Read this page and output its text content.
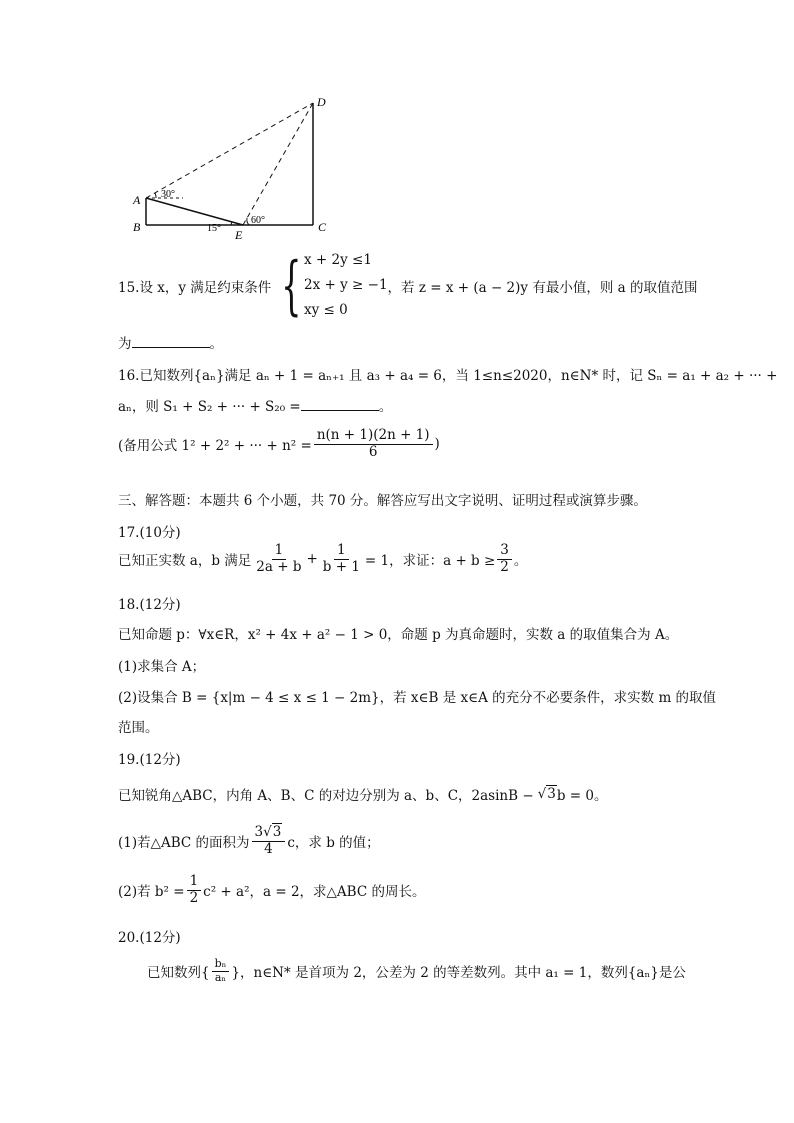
D
A
B	C
E
30°
15°
60°
15.设 x，y 满足约束条件 { x + 2y ≤1
2x + y ≥ −1
xy ≤ 0
，若 z = x + (a − 2)y 有最小值，则 a 的取值范围
为	。
16.已知数列{aₙ}满足 aₙ + 1 = aₙ₊₁ 且 a₃ + a₄ = 6，当 1≤n≤2020，n∈N* 时，记 Sₙ = a₁ + a₂ + ··· +
aₙ，则 S₁ + S₂ + ··· + S₂₀ =	。
(备用公式 1² + 2² + ··· + $n^2 = \frac{n(n + 1)(2n + 1)}{6}$ )
三、解答题：本题共 6 个小题，共 70 分。解答应写出文字说明、证明过程或演算步骤。
17.(10分)
已知正实数 a，b 满足 $\frac{1}{2a + b} + \frac{1}{b + 1} = 1$，求证：$a + b \ge \frac{3}{2}$ 。
18.(12分)
已知命题 p：∀x∈R，x² + 4x + a² − 1 > 0，命题 p 为真命题时，实数 a 的取值集合为 A。
(1)求集合 A；
(2)设集合 B = {x|m − 4 ≤ x ≤ 1 − 2m}，若 x∈B 是 x∈A 的充分不必要条件，求实数 m 的取值
范围。
19.(12分)
已知锐角△ABC，内角 A、B、C 的对边分别为 a、b、C，2asinB − √3 b = 0。
(1)若△ABC 的面积为 $\frac{3√3}{4}$ c，求 b 的值；
(2)若 $b^2 = \frac{1}{2} c^2 + a^2$，a = 2，求△ABC 的周长。
20.(12分)
已知数列{ $\frac{\text{bₙ}}{\text{aₙ}}$ }，n∈N* 是首项为 2，公差为 2 的等差数列。其中 a₁ = 1，数列{aₙ}是公
